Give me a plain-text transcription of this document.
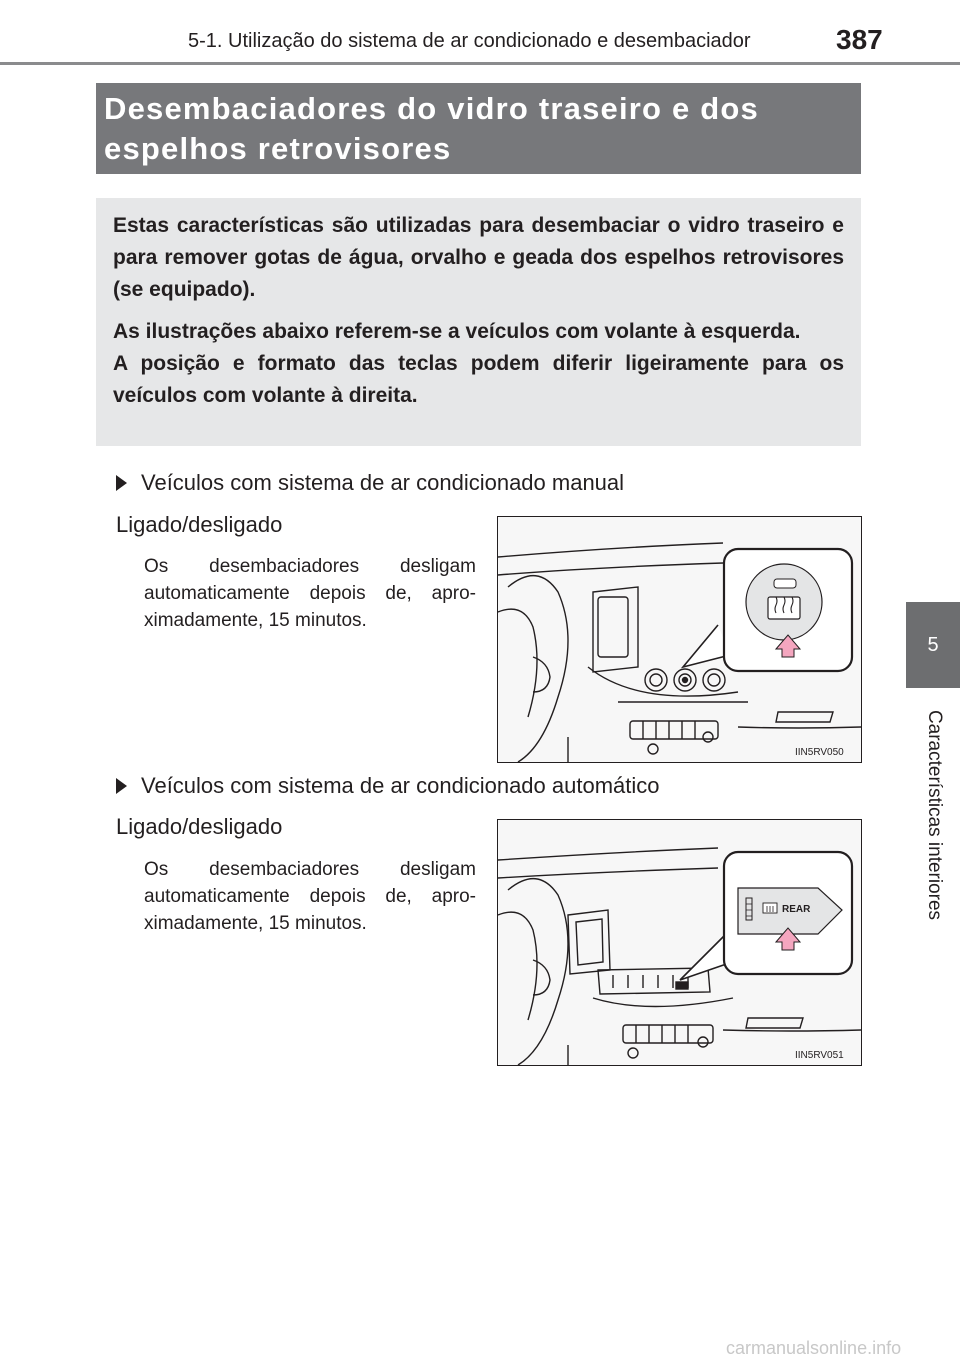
5-1. Utilização do sistema de ar condicionado e desembaciador	387
5
Características interiores
Desembaciadores do vidro traseiro e dos
espelhos retrovisores

Estas características são utilizadas para desembaciar o vidro traseiro e para remover gotas de água, orvalho e geada dos espelhos retrovisores (se equipado).

As ilustrações abaixo referem-se a veículos com volante à esquerda.
A posição e formato das teclas podem diferir ligeiramente para os veículos com volante à direita.

Veículos com sistema de ar condicionado manual
Ligado/desligado
Os desembaciadores desligam automaticamente depois de, apro-ximadamente, 15 minutos.
IIN5RV050
Veículos com sistema de ar condicionado automático
Ligado/desligado
Os desembaciadores desligam automaticamente depois de, apro-ximadamente, 15 minutos.
REAR
IIN5RV051
carmanualsonline.info
